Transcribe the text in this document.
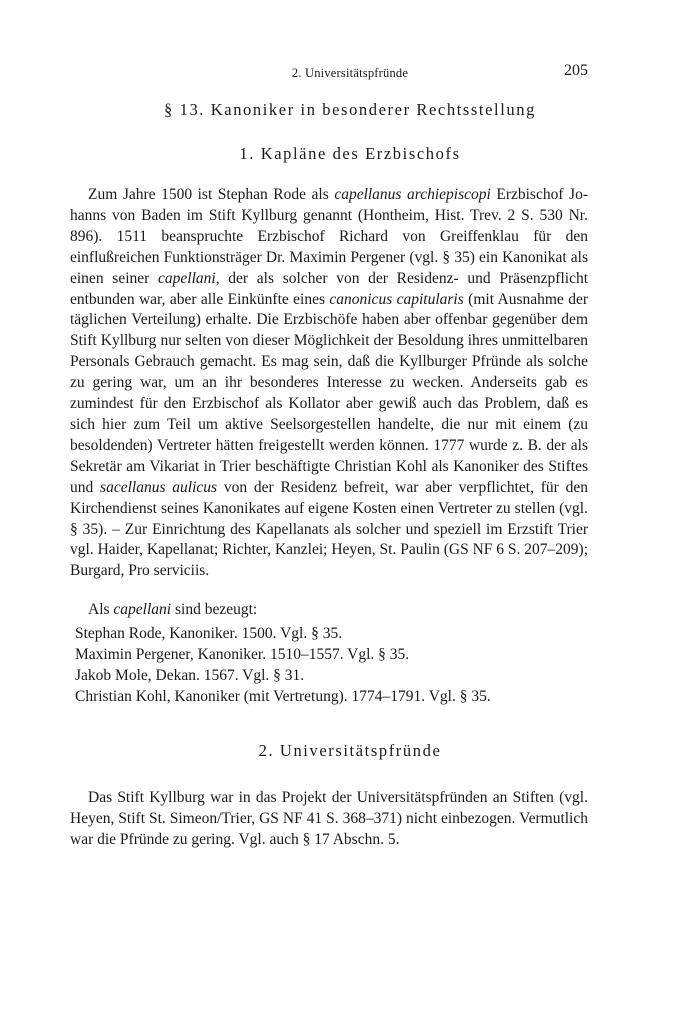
2. Universitätspfründe	205
§ 13. Kanoniker in besonderer Rechtsstellung
1. Kapläne des Erzbischofs
Zum Jahre 1500 ist Stephan Rode als capellanus archiepiscopi Erzbischof Johanns von Baden im Stift Kyllburg genannt (Hontheim, Hist. Trev. 2 S. 530 Nr. 896). 1511 beanspruchte Erzbischof Richard von Greiffenklau für den einflußreichen Funktionsträger Dr. Maximin Pergener (vgl. § 35) ein Kanonikat als einen seiner capellani, der als solcher von der Residenz- und Präsenzpflicht entbunden war, aber alle Einkünfte eines canonicus capitularis (mit Ausnahme der täglichen Verteilung) erhalte. Die Erzbischöfe haben aber offenbar gegenüber dem Stift Kyllburg nur selten von dieser Möglichkeit der Besoldung ihres unmittelbaren Personals Gebrauch gemacht. Es mag sein, daß die Kyllburger Pfründe als solche zu gering war, um an ihr besonderes Interesse zu wecken. Anderseits gab es zumindest für den Erzbischof als Kollator aber gewiß auch das Problem, daß es sich hier zum Teil um aktive Seelsorgestellen handelte, die nur mit einem (zu besoldenden) Vertreter hätten freigestellt werden können. 1777 wurde z. B. der als Sekretär am Vikariat in Trier beschäftigte Christian Kohl als Kanoniker des Stiftes und sacellanus aulicus von der Residenz befreit, war aber verpflichtet, für den Kirchendienst seines Kanonikates auf eigene Kosten einen Vertreter zu stellen (vgl. § 35). – Zur Einrichtung des Kapellanats als solcher und speziell im Erzstift Trier vgl. Haider, Kapellanat; Richter, Kanzlei; Heyen, St. Paulin (GS NF 6 S. 207–209); Burgard, Pro serviciis.
Als capellani sind bezeugt:
Stephan Rode, Kanoniker. 1500. Vgl. § 35.
Maximin Pergener, Kanoniker. 1510–1557. Vgl. § 35.
Jakob Mole, Dekan. 1567. Vgl. § 31.
Christian Kohl, Kanoniker (mit Vertretung). 1774–1791. Vgl. § 35.
2. Universitätspfründe
Das Stift Kyllburg war in das Projekt der Universitätspfründen an Stiften (vgl. Heyen, Stift St. Simeon/Trier, GS NF 41 S. 368–371) nicht einbezogen. Vermutlich war die Pfründe zu gering. Vgl. auch § 17 Abschn. 5.
